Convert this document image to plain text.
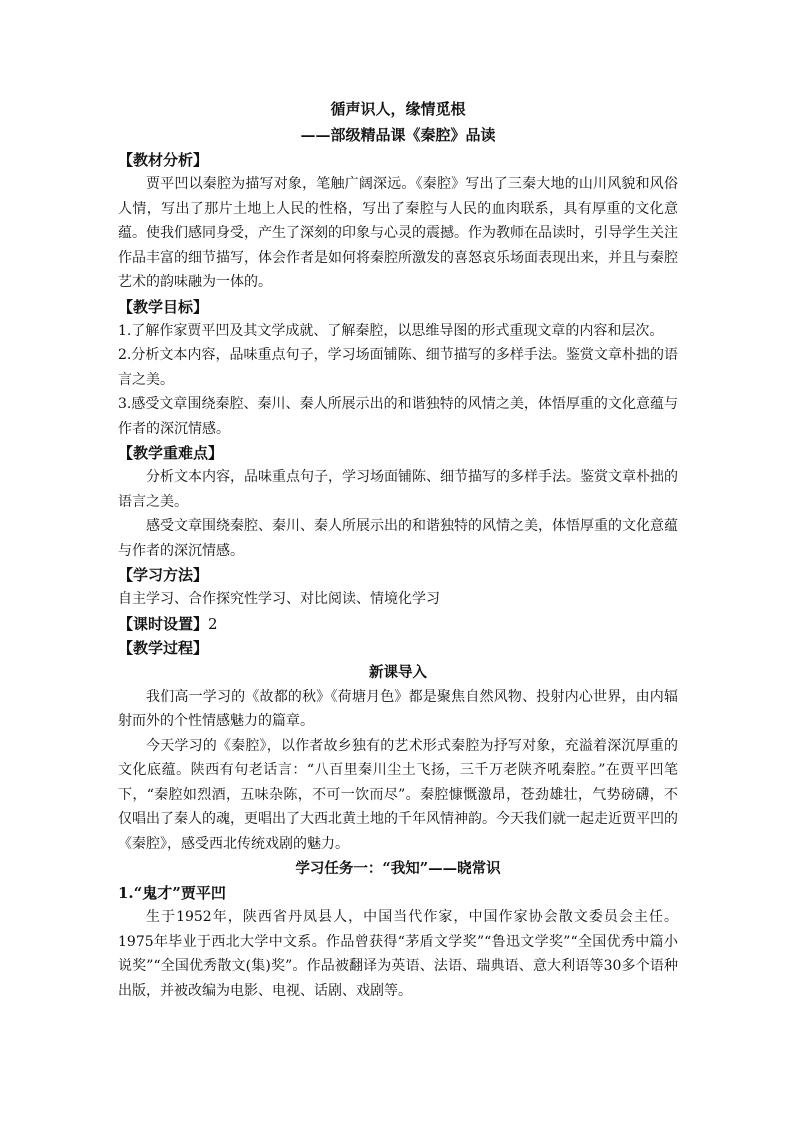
循声识人，缘情觅根

——部级精品课《秦腔》品读

【教材分析】

贾平凹以秦腔为描写对象，笔触广阔深远。《秦腔》写出了三秦大地的山川风貌和风俗人情，写出了那片土地上人民的性格，写出了秦腔与人民的血肉联系，具有厚重的文化意蕴。使我们感同身受，产生了深刻的印象与心灵的震撼。作为教师在品读时，引导学生关注作品丰富的细节描写，体会作者是如何将秦腔所激发的喜怒哀乐场面表现出来，并且与秦腔艺术的韵味融为一体的。

【教学目标】

1.了解作家贾平凹及其文学成就、了解秦腔，以思维导图的形式重现文章的内容和层次。

2.分析文本内容，品味重点句子，学习场面铺陈、细节描写的多样手法。鉴赏文章朴拙的语言之美。

3.感受文章围绕秦腔、秦川、秦人所展示出的和谐独特的风情之美，体悟厚重的文化意蕴与作者的深沉情感。

【教学重难点】

分析文本内容，品味重点句子，学习场面铺陈、细节描写的多样手法。鉴赏文章朴拙的语言之美。

感受文章围绕秦腔、秦川、秦人所展示出的和谐独特的风情之美，体悟厚重的文化意蕴与作者的深沉情感。

【学习方法】

自主学习、合作探究性学习、对比阅读、情境化学习

【课时设置】2

【教学过程】

新课导入

我们高一学习的《故都的秋》《荷塘月色》都是聚焦自然风物、投射内心世界，由内辐射而外的个性情感魅力的篇章。

今天学习的《秦腔》，以作者故乡独有的艺术形式秦腔为抒写对象，充溢着深沉厚重的文化底蕴。陕西有句老话言：“八百里秦川尘土飞扬，三千万老陕齐吼秦腔。”在贾平凹笔下，“秦腔如烈酒，五味杂陈，不可一饮而尽”。秦腔慷慨激昂，苍劲雄壮，气势磅礴，不仅唱出了秦人的魂，更唱出了大西北黄土地的千年风情神韵。今天我们就一起走近贾平凹的《秦腔》，感受西北传统戏剧的魅力。

学习任务一：“我知”——晓常识

1.“鬼才”贾平凹

生于1952年，陕西省丹凤县人，中国当代作家，中国作家协会散文委员会主任。1975年毕业于西北大学中文系。作品曾获得“茅盾文学奖”“鲁迅文学奖”“全国优秀中篇小说奖”“全国优秀散文(集)奖”。作品被翻译为英语、法语、瑞典语、意大利语等30多个语种出版，并被改编为电影、电视、话剧、戏剧等。
